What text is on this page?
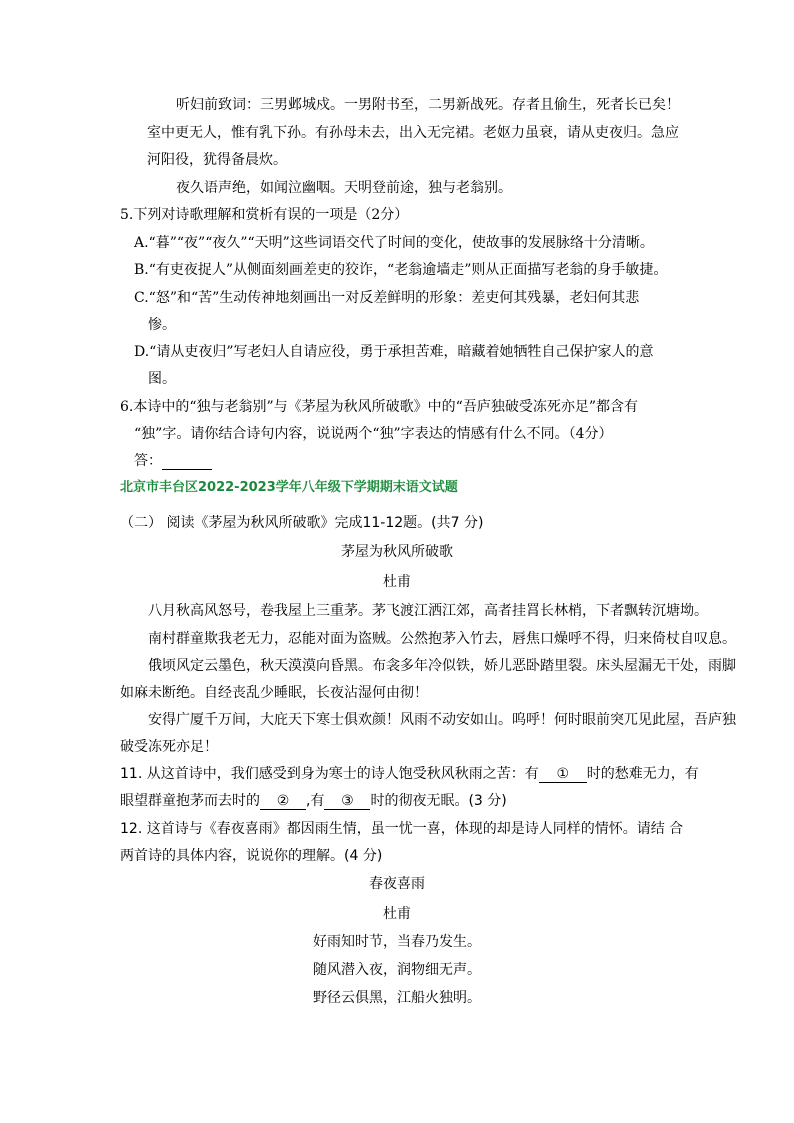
听妇前致词：三男邺城戍。一男附书至，二男新战死。存者且偷生，死者长已矣！
室中更无人，惟有乳下孙。有孙母未去，出入无完裙。老妪力虽衰，请从吏夜归。急应
河阳役，犹得备晨炊。
夜久语声绝，如闻泣幽咽。天明登前途，独与老翁别。
5.下列对诗歌理解和赏析有误的一项是（2分）
A.“暮”“夜”“夜久”“天明”这些词语交代了时间的变化，使故事的发展脉络十分清晰。
B.“有吏夜捉人”从侧面刻画差吏的狡诈，“老翁逾墙走”则从正面描写老翁的身手敏捷。
C.“怒”和“苦”生动传神地刻画出一对反差鲜明的形象：差吏何其残暴，老妇何其悲
惨。
D.“请从吏夜归”写老妇人自请应役，勇于承担苦难，暗藏着她牺牲自己保护家人的意
图。
6.本诗中的“独与老翁别”与《茅屋为秋风所破歌》中的“吾庐独破受冻死亦足”都含有
“独”字。请你结合诗句内容，说说两个“独”字表达的情感有什么不同。（4分）
答：
北京市丰台区2022-2023学年八年级下学期期末语文试题
（二） 阅读《茅屋为秋风所破歌》完成11-12题。(共7 分)
茅屋为秋风所破歌
杜甫
八月秋高风怒号，卷我屋上三重茅。茅飞渡江洒江郊，高者挂罥长林梢，下者飘转沉塘坳。
南村群童欺我老无力，忍能对面为盗贼。公然抱茅入竹去，唇焦口燥呼不得，归来倚杖自叹息。
俄顷风定云墨色，秋天漠漠向昏黑。布衾多年冷似铁，娇儿恶卧踏里裂。床头屋漏无干处，雨脚
如麻未断绝。自经丧乱少睡眠，长夜沾湿何由彻！
安得广厦千万间，大庇天下寒士俱欢颜！风雨不动安如山。呜呼！何时眼前突兀见此屋，吾庐独
破受冻死亦足！
11. 从这首诗中，我们感受到身为寒士的诗人饱受秋风秋雨之苦：有 ① 时的愁难无力，有
眼望群童抱茅而去时的 ② ,有 ③ 时的彻夜无眠。(3 分)
12. 这首诗与《春夜喜雨》都因雨生情，虽一忧一喜，体现的却是诗人同样的情怀。请结 合
两首诗的具体内容，说说你的理解。(4 分)
春夜喜雨
杜甫
好雨知时节，当春乃发生。
随风潜入夜，润物细无声。
野径云俱黑，江船火独明。
